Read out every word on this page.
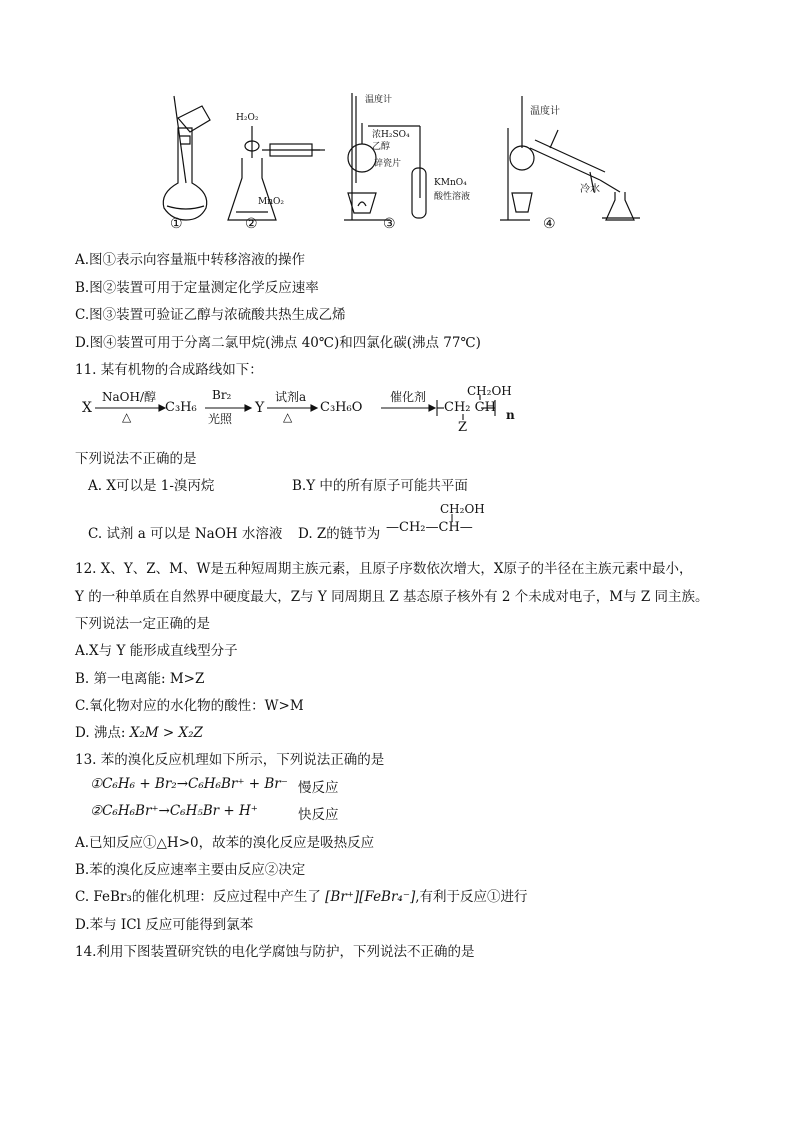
H₂O₂
MnO₂
温度计
浓H₂SO₄
乙醇
碎瓷片
KMnO₄
酸性溶液
温度计
冷水
①	②	③	④
A.图①表示向容量瓶中转移溶液的操作
B.图②装置可用于定量测定化学反应速率
C.图③装置可验证乙醇与浓硫酸共热生成乙烯
D.图④装置可用于分离二氯甲烷(沸点 40℃)和四氯化碳(沸点 77℃)
11. 某有机物的合成路线如下：
X
NaOH/醇
△
C₃H₆
Br₂
光照
Y
试剂a
△
C₃H₆O
催化剂	CH₂OH
CH₂ CH n
Z
下列说法不正确的是
A. X可以是 1-溴丙烷	B.Y 中的所有原子可能共平面
C. 试剂 a 可以是 NaOH 水溶液 D. Z的链节为
CH₂OH
—CH₂—CH—
12. X、Y、Z、M、W是五种短周期主族元素，且原子序数依次增大，X原子的半径在主族元素中最小，
Y 的一种单质在自然界中硬度最大，Z与 Y 同周期且 Z 基态原子核外有 2 个未成对电子，M与 Z 同主族。
下列说法一定正确的是
A.X与 Y 能形成直线型分子
B. 第一电离能: M>Z
C.氧化物对应的水化物的酸性：W>M
D. 沸点: X₂M > X₂Z
13. 苯的溴化反应机理如下所示，下列说法正确的是
①C₆H₆ + Br₂→C₆H₆Br⁺ + Br⁻ 慢反应
②C₆H₆Br⁺→C₆H₅Br + H⁺	快反应
A.已知反应①△H>0，故苯的溴化反应是吸热反应
B.苯的溴化反应速率主要由反应②决定
C. FeBr₃的催化机理：反应过程中产生了 [Br⁺][FeBr₄⁻],有利于反应①进行
D.苯与 ICl 反应可能得到氯苯
14.利用下图装置研究铁的电化学腐蚀与防护，下列说法不正确的是
